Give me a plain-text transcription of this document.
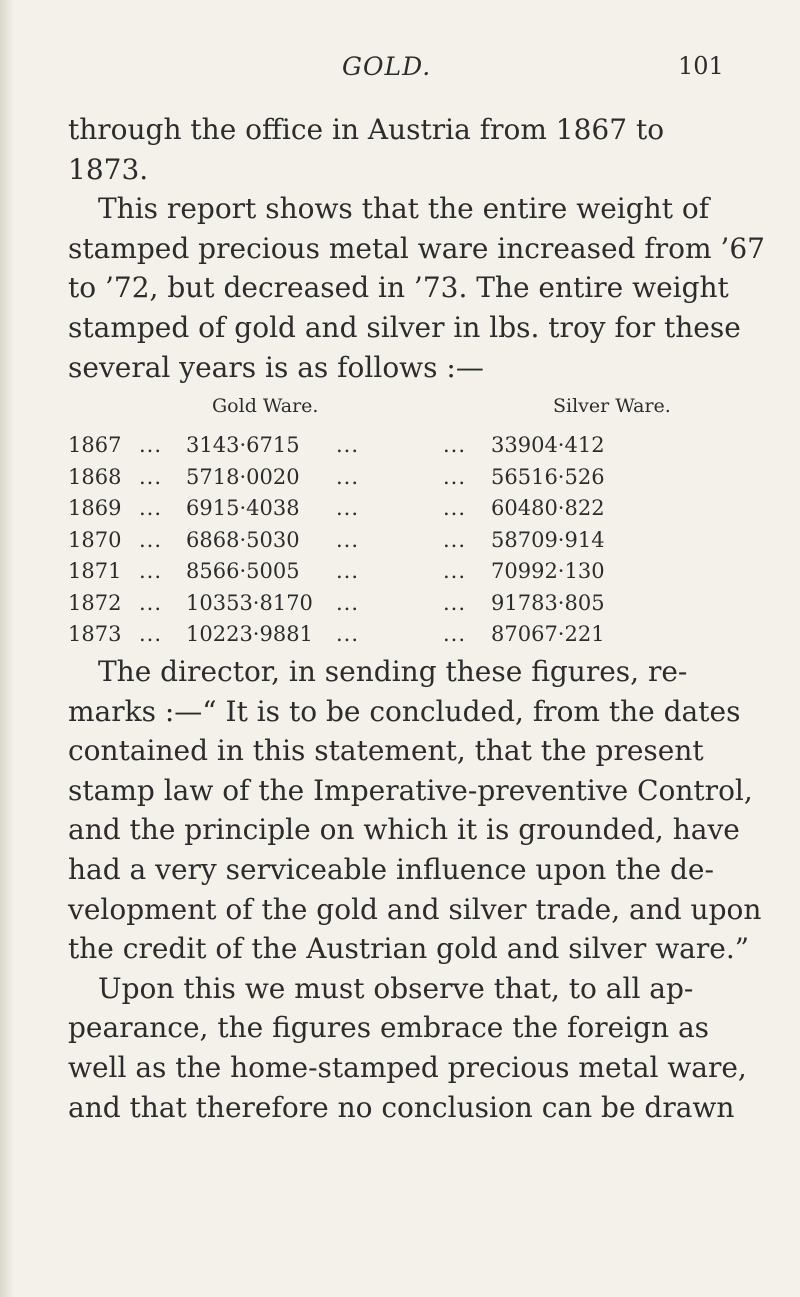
GOLD.	101

through the office in Austria from 1867 to
1873.
This report shows that the entire weight of
stamped precious metal ware increased from ’67
to ’72, but decreased in ’73. The entire weight
stamped of gold and silver in lbs. troy for these
several years is as follows :—

Gold Ware.	Silver Ware.
1867 ... 3143·6715 ...	... 33904·412
1868 ... 5718·0020 ...	... 56516·526
1869 ... 6915·4038 ...	... 60480·822
1870 ... 6868·5030 ...	... 58709·914
1871 ... 8566·5005 ...	... 70992·130
1872 ... 10353·8170 ...	... 91783·805
1873 ... 10223·9881 ...	... 87067·221

The director, in sending these figures, re-
marks :—“ It is to be concluded, from the dates
contained in this statement, that the present
stamp law of the Imperative-preventive Control,
and the principle on which it is grounded, have
had a very serviceable influence upon the de-
velopment of the gold and silver trade, and upon
the credit of the Austrian gold and silver ware.”
Upon this we must observe that, to all ap-
pearance, the figures embrace the foreign as
well as the home-stamped precious metal ware,
and that therefore no conclusion can be drawn
